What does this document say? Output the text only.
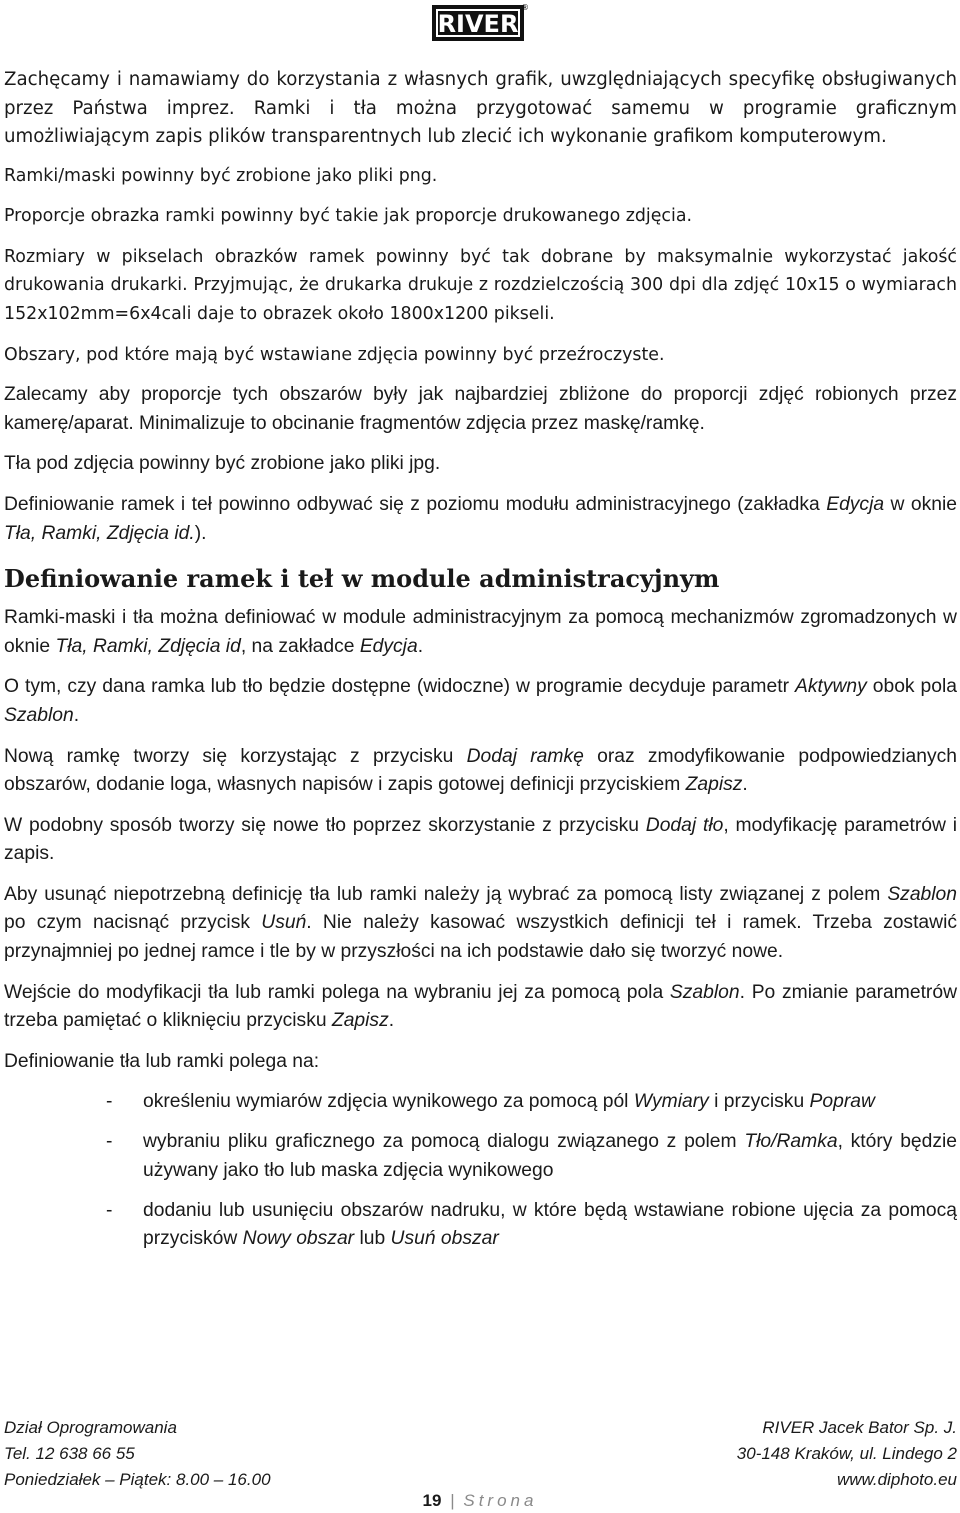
RIVER
®

Zachęcamy i namawiamy do korzystania z własnych grafik, uwzględniających specyfikę obsługiwanych przez Państwa imprez. Ramki i tła można przygotować samemu w programie graficznym umożliwiającym zapis plików transparentnych lub zlecić ich wykonanie grafikom komputerowym.

Ramki/maski powinny być zrobione jako pliki png.

Proporcje obrazka ramki powinny być takie jak proporcje drukowanego zdjęcia.

Rozmiary w pikselach obrazków ramek powinny być tak dobrane by maksymalnie wykorzystać jakość drukowania drukarki. Przyjmując, że drukarka drukuje z rozdzielczością 300 dpi dla zdjęć 10x15 o wymiarach 152x102mm=6x4cali daje to obrazek około 1800x1200 pikseli.

Obszary, pod które mają być wstawiane zdjęcia powinny być przeźroczyste.

Zalecamy aby proporcje tych obszarów były jak najbardziej zbliżone do proporcji zdjęć robionych przez kamerę/aparat. Minimalizuje to obcinanie fragmentów zdjęcia przez maskę/ramkę.

Tła pod zdjęcia powinny być zrobione jako pliki jpg.

Definiowanie ramek i teł powinno odbywać się z poziomu modułu administracyjnego (zakładka Edycja w oknie Tła, Ramki, Zdjęcia id.).

Definiowanie ramek i teł w module administracyjnym

Ramki-maski i tła można definiować w module administracyjnym za pomocą mechanizmów zgromadzonych w oknie Tła, Ramki, Zdjęcia id, na zakładce Edycja.

O tym, czy dana ramka lub tło będzie dostępne (widoczne) w programie decyduje parametr Aktywny obok pola Szablon.

Nową ramkę tworzy się korzystając z przycisku Dodaj ramkę oraz zmodyfikowanie podpowiedzianych obszarów, dodanie loga, własnych napisów i zapis gotowej definicji przyciskiem Zapisz.

W podobny sposób tworzy się nowe tło poprzez skorzystanie z przycisku Dodaj tło, modyfikację parametrów i zapis.

Aby usunąć niepotrzebną definicję tła lub ramki należy ją wybrać za pomocą listy związanej z polem Szablon po czym nacisnąć przycisk Usuń. Nie należy kasować wszystkich definicji teł i ramek. Trzeba zostawić przynajmniej po jednej ramce i tle by w przyszłości na ich podstawie dało się tworzyć nowe.

Wejście do modyfikacji tła lub ramki polega na wybraniu jej za pomocą pola Szablon. Po zmianie parametrów trzeba pamiętać o kliknięciu przycisku Zapisz.

Definiowanie tła lub ramki polega na:

- określeniu wymiarów zdjęcia wynikowego za pomocą pól Wymiary i przycisku Popraw
- wybraniu pliku graficznego za pomocą dialogu związanego z polem Tło/Ramka, który będzie używany jako tło lub maska zdjęcia wynikowego
- dodaniu lub usunięciu obszarów nadruku, w które będą wstawiane robione ujęcia za pomocą przycisków Nowy obszar lub Usuń obszar
Dział Oprogramowania	RIVER Jacek Bator Sp. J.
Tel. 12 638 66 55	30-148 Kraków, ul. Lindego 2
Poniedziałek – Piątek: 8.00 – 16.00	www.diphoto.eu
19 | Strona
